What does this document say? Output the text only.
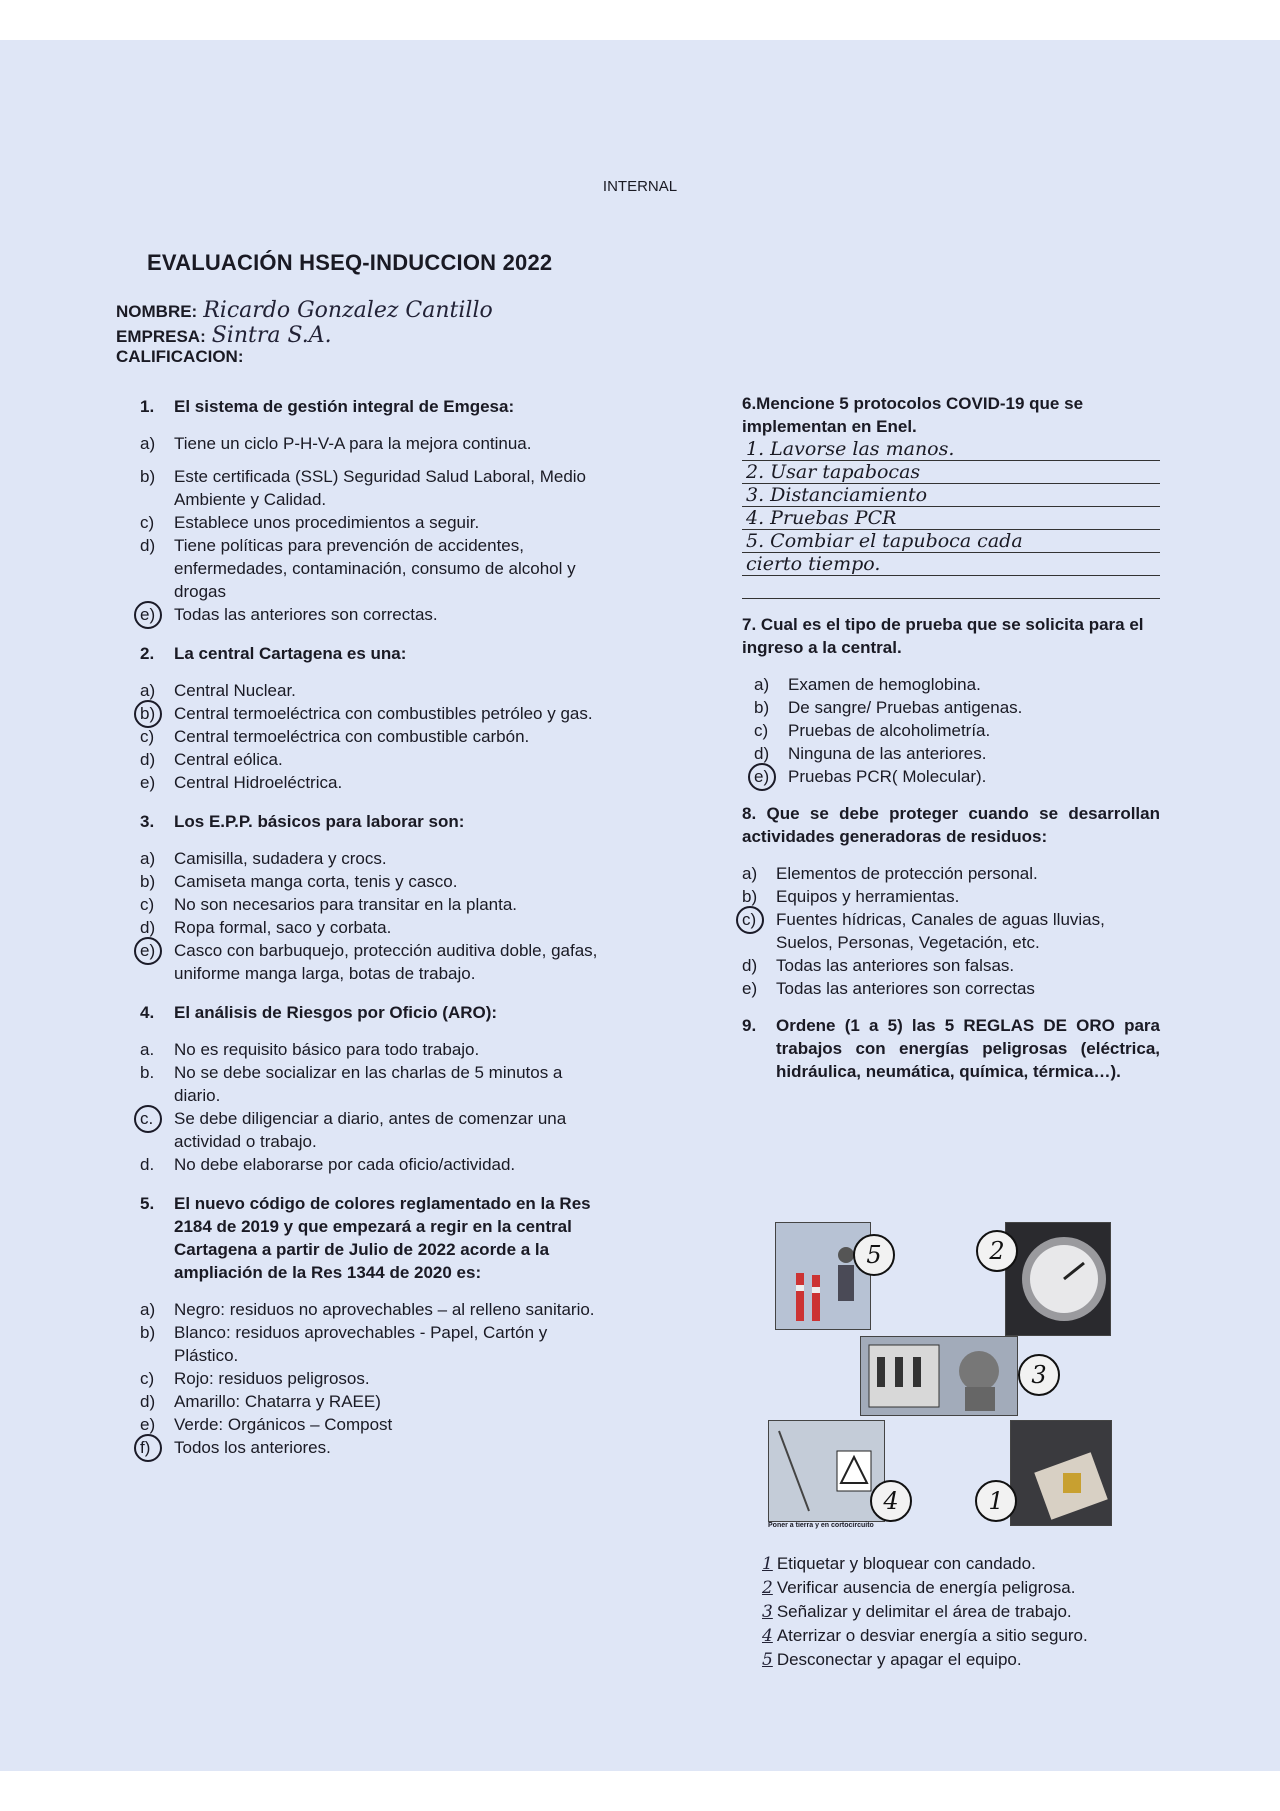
INTERNAL
EVALUACIÓN HSEQ-INDUCCION 2022
NOMBRE: Ricardo Gonzalez Cantillo
EMPRESA: Sintra S.A.
CALIFICACION:
1.	El sistema de gestión integral de Emgesa:
a)	Tiene un ciclo P-H-V-A para la mejora continua.
b)	Este certificada (SSL) Seguridad Salud Laboral, Medio Ambiente y Calidad.
c)	Establece unos procedimientos a seguir.
d)	Tiene políticas para prevención de accidentes, enfermedades, contaminación, consumo de alcohol y drogas
e)	Todas las anteriores son correctas.
2.	La central Cartagena es una:
a)	Central Nuclear.
b)	Central termoeléctrica con combustibles petróleo y gas.
c)	Central termoeléctrica con combustible carbón.
d)	Central eólica.
e)	Central Hidroeléctrica.
3.	Los E.P.P. básicos para laborar son:
a)	Camisilla, sudadera y crocs.
b)	Camiseta manga corta, tenis y casco.
c)	No son necesarios para transitar en la planta.
d)	Ropa formal, saco y corbata.
e)	Casco con barbuquejo, protección auditiva doble, gafas, uniforme manga larga, botas de trabajo.
4.	El análisis de Riesgos por Oficio (ARO):
a.	No es requisito básico para todo trabajo.
b.	No se debe socializar en las charlas de 5 minutos a diario.
c.	Se debe diligenciar a diario, antes de comenzar una actividad o trabajo.
d.	No debe elaborarse por cada oficio/actividad.
5.	El nuevo código de colores reglamentado en la Res 2184 de 2019 y que empezará a regir en la central Cartagena a partir de Julio de 2022 acorde a la ampliación de la Res 1344 de 2020 es:
a)	Negro: residuos no aprovechables – al relleno sanitario.
b)	Blanco: residuos aprovechables - Papel, Cartón y Plástico.
c)	Rojo: residuos peligrosos.
d)	Amarillo: Chatarra y RAEE)
e)	Verde: Orgánicos – Compost
f)	Todos los anteriores.
6.Mencione 5 protocolos COVID-19 que se implementan en Enel.
1. Lavorse las manos.
2. Usar tapabocas
3. Distanciamiento
4. Pruebas PCR
5. Combiar el tapuboca cada
cierto tiempo.
7. Cual es el tipo de prueba que se solicita para el ingreso a la central.
a)	Examen de hemoglobina.
b)	De sangre/ Pruebas antigenas.
c)	Pruebas de alcoholimetría.
d)	Ninguna de las anteriores.
e)	Pruebas PCR( Molecular).
8. Que se debe proteger cuando se desarrollan actividades generadoras de residuos:
a)	Elementos de protección personal.
b)	Equipos y herramientas.
c)	Fuentes hídricas, Canales de aguas lluvias, Suelos, Personas, Vegetación, etc.
d)	Todas las anteriores son falsas.
e)	Todas las anteriores son correctas
9.	Ordene (1 a 5) las 5 REGLAS DE ORO para trabajos con energías peligrosas (eléctrica, hidráulica, neumática, química, térmica…).
Poner a tierra y en cortocircuito
5	2
3
4	1
1 Etiquetar y bloquear con candado.
2 Verificar ausencia de energía peligrosa.
3 Señalizar y delimitar el área de trabajo.
4 Aterrizar o desviar energía a sitio seguro.
5 Desconectar y apagar el equipo.
